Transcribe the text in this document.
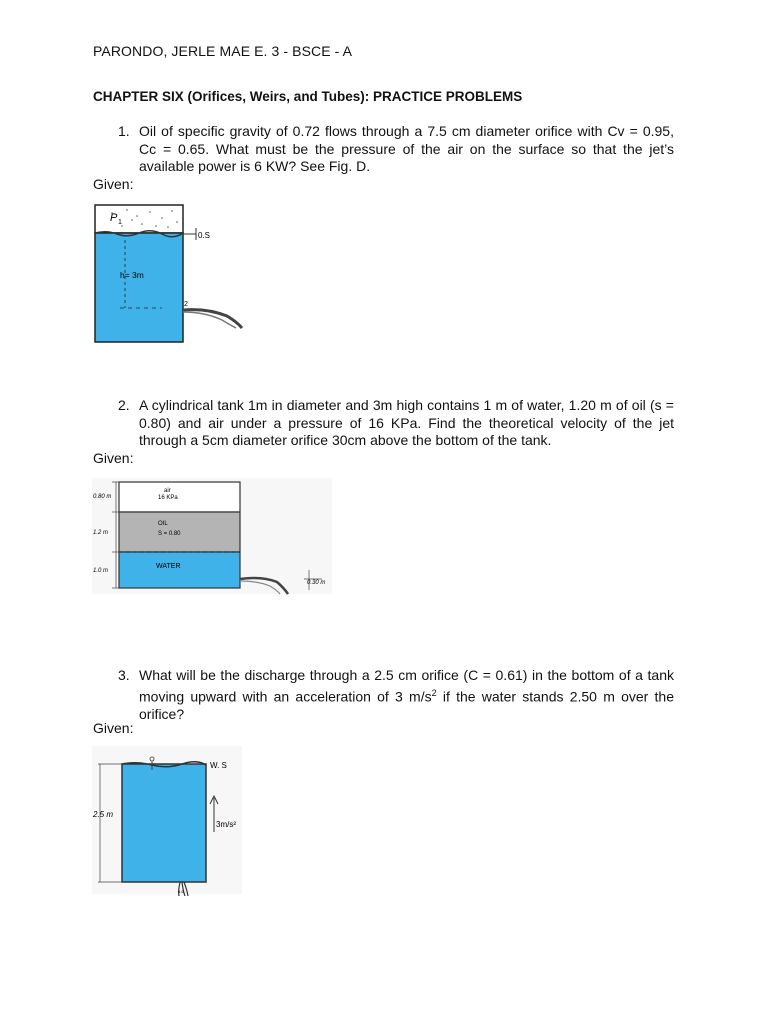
PARONDO, JERLE MAE E. 3 - BSCE - A
CHAPTER SIX (Orifices, Weirs, and Tubes): PRACTICE PROBLEMS
1. Oil of specific gravity of 0.72 flows through a 7.5 cm diameter orifice with Cv = 0.95, Cc = 0.65. What must be the pressure of the air on the surface so that the jet’s available power is 6 KW? See Fig. D.
Given:
P 1
0.S
h= 3m
2
2. A cylindrical tank 1m in diameter and 3m high contains 1 m of water, 1.20 m of oil (s = 0.80) and air under a pressure of 16 KPa. Find the theoretical velocity of the jet through a 5cm diameter orifice 30cm above the bottom of the tank.
Given:
air
16 KPa
OIL
S = 0.80
WATER
0.80 m
1.2 m
1.0 m
0.30 m
3. What will be the discharge through a 2.5 cm orifice (C = 0.61) in the bottom of a tank moving upward with an acceleration of 3 $m/s^2$ if the water stands 2.50 m over the orifice?
Given:
W. S
2.5 m
3m/s²
0.6
